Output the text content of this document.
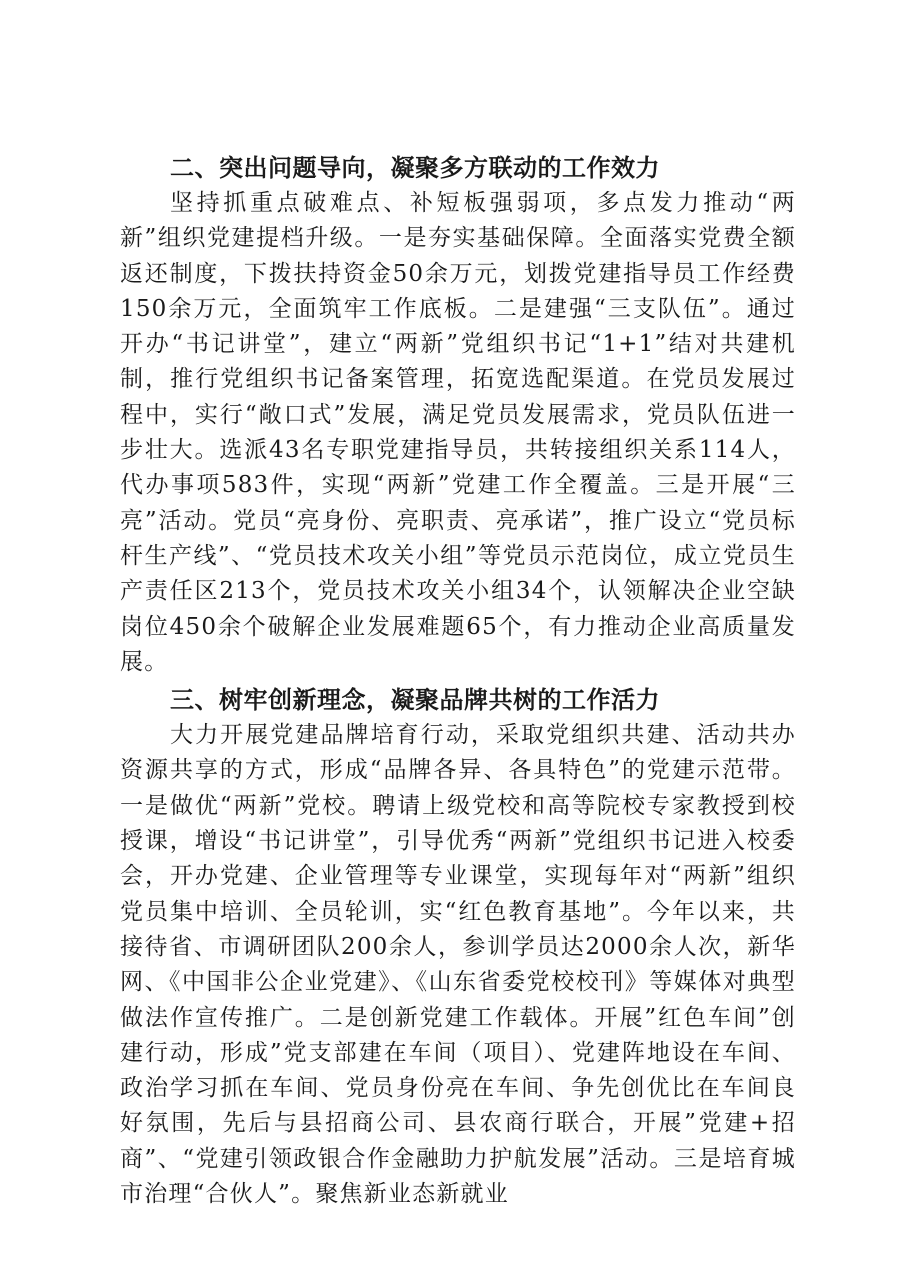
二、突出问题导向，凝聚多方联动的工作效力

坚持抓重点破难点、补短板强弱项，多点发力推动“两新”组织党建提档升级。一是夯实基础保障。全面落实党费全额返还制度，下拨扶持资金50余万元，划拨党建指导员工作经费150余万元，全面筑牢工作底板。二是建强“三支队伍”。通过开办“书记讲堂”，建立“两新”党组织书记“1+1”结对共建机制，推行党组织书记备案管理，拓宽选配渠道。在党员发展过程中，实行“敞口式”发展，满足党员发展需求，党员队伍进一步壮大。选派43名专职党建指导员，共转接组织关系114人，代办事项583件，实现“两新”党建工作全覆盖。三是开展“三亮”活动。党员“亮身份、亮职责、亮承诺”，推广设立“党员标杆生产线”、“党员技术攻关小组”等党员示范岗位，成立党员生产责任区213个，党员技术攻关小组34个，认领解决企业空缺岗位450余个破解企业发展难题65个，有力推动企业高质量发展。

三、树牢创新理念，凝聚品牌共树的工作活力

大力开展党建品牌培育行动，采取党组织共建、活动共办资源共享的方式，形成“品牌各异、各具特色”的党建示范带。一是做优“两新”党校。聘请上级党校和高等院校专家教授到校授课，增设“书记讲堂”，引导优秀“两新”党组织书记进入校委会，开办党建、企业管理等专业课堂，实现每年对“两新”组织党员集中培训、全员轮训，实“红色教育基地”。今年以来，共接待省、市调研团队200余人，参训学员达2000余人次，新华网、《中国非公企业党建》、《山东省委党校校刊》等媒体对典型做法作宣传推广。二是创新党建工作载体。开展”红色车间”创建行动，形成”党支部建在车间（项目）、党建阵地设在车间、政治学习抓在车间、党员身份亮在车间、争先创优比在车间良好氛围，先后与县招商公司、县农商行联合，开展”党建+招商”、“党建引领政银合作金融助力护航发展”活动。三是培育城市治理“合伙人”。聚焦新业态新就业
